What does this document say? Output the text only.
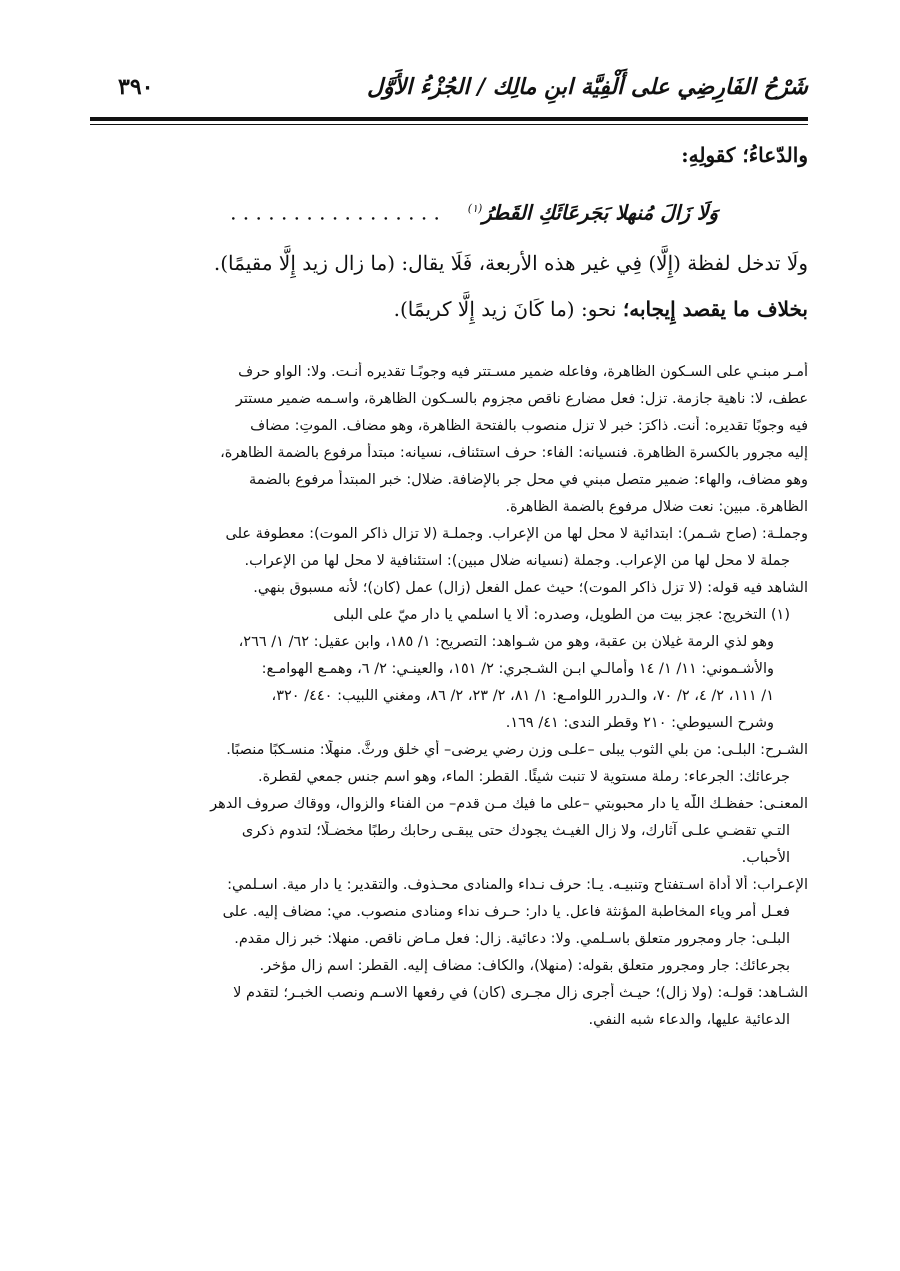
شَرْحُ الفَارِضِي على أَلْفِيَّة ابنِ مالِك / الجُزْءُ الأَوَّل
٣٩٠
والدّعاءُ؛ كقولِهِ:
وَلَا زَالَ مُنهلا بَجَرعَائَكِ القَطرُ$^{(١)}$    . . . . . . . . . . . . . . . . .
ولَا تدخل لفظة (إِلَّا) فِي غير هذه الأربعة، فَلَا يقال: (ما زال زيد إِلَّا مقيمًا).
بخلاف ما يقصد إِيجابه؛ نحو: (ما كَانَ زيد إِلَّا كريمًا).
أمـر مبنـي على السـكون الظاهرة، وفاعله ضمير مسـتتر فيه وجوبًـا تقديره أنـت. ولا: الواو حرف
عطف، لا: ناهية جازمة. تزل: فعل مضارع ناقص مجزوم بالسـكون الظاهرة، واسـمه ضمير مستتر
فيه وجوبًا تقديره: أنت. ذاكرَ: خبر لا تزل منصوب بالفتحة الظاهرة، وهو مضاف. الموتِ: مضاف
إليه مجرور بالكسرة الظاهرة. فنسيانه: الفاء: حرف استئناف، نسيانه: مبتدأ مرفوع بالضمة الظاهرة،
وهو مضاف، والهاء: ضمير متصل مبني في محل جر بالإضافة. ضلال: خبر المبتدأ مرفوع بالضمة
الظاهرة. مبين: نعت ضلال مرفوع بالضمة الظاهرة.
وجملـة: (صاح شـمر): ابتدائية لا محل لها من الإعراب. وجملـة (لا تزال ذاكر الموت): معطوفة على
جملة لا محل لها من الإعراب. وجملة (نسيانه ضلال مبين): استئنافية لا محل لها من الإعراب.
الشاهد فيه قوله: (لا تزل ذاكر الموت)؛ حيث عمل الفعل (زال) عمل (كان)؛ لأنه مسبوق بنهي.
(١) التخريج: عجز بيت من الطويل، وصدره: ألا يا اسلمي يا دار ميّ على البلى
وهو لذي الرمة غيلان بن عقبة، وهو من شـواهد: التصريح: ١/ ١٨٥، وابن عقيل: ٦٢/ ١/ ٢٦٦،
والأشـموني: ١١/ ١/ ١٤ وأمالـي ابـن الشـجري: ٢/ ١٥١، والعينـي: ٢/ ٦، وهمـع الهوامـع:
١/ ١١١، ٢/ ٤، ٢/ ٧٠، والـدرر اللوامـع: ١/ ٨١، ٢/ ٢٣، ٢/ ٨٦، ومغني اللبيب: ٤٤٠/ ٣٢٠،
وشرح السيوطي: ٢١٠ وقطر الندى: ٤١/ ١٦٩.
الشـرح: البلـى: من بلي الثوب يبلى –علـى وزن رضي يرضى– أي خلق ورثَّ. منهلًا: منسـكبًا منصبًا.
جرعائك: الجرعاء: رملة مستوية لا تنبت شيئًا. القطر: الماء، وهو اسم جنس جمعي لقطرة.
المعنـى: حفظـك اللّٰه يا دار محبوبتي –على ما فيك مـن قدم– من الفناء والزوال، ووقاك صروف الدهر
التـي تقضـي علـى آثارك، ولا زال الغيـث يجودك حتى يبقـى رحابك رطبًا مخضـلًا؛ لتدوم ذكرى
الأحباب.
الإعـراب: ألا أداة اسـتفتاح وتنبيـه. يـا: حرف نـداء والمنادى محـذوف. والتقدير: يا دار مية. اسـلمي:
فعـل أمر وياء المخاطبة المؤنثة فاعل. يا دار: حـرف نداء ومنادى منصوب. مي: مضاف إليه. على
البلـى: جار ومجرور متعلق باسـلمي. ولا: دعائية. زال: فعل مـاض ناقص. منهلا: خبر زال مقدم.
بجرعائك: جار ومجرور متعلق بقوله: (منهلا)، والكاف: مضاف إليه. القطر: اسم زال مؤخر.
الشـاهد: قولـه: (ولا زال)؛ حيـث أجرى زال مجـرى (كان) في رفعها الاسـم ونصب الخبـر؛ لتقدم لا
الدعائية عليها، والدعاء شبه النفي.
